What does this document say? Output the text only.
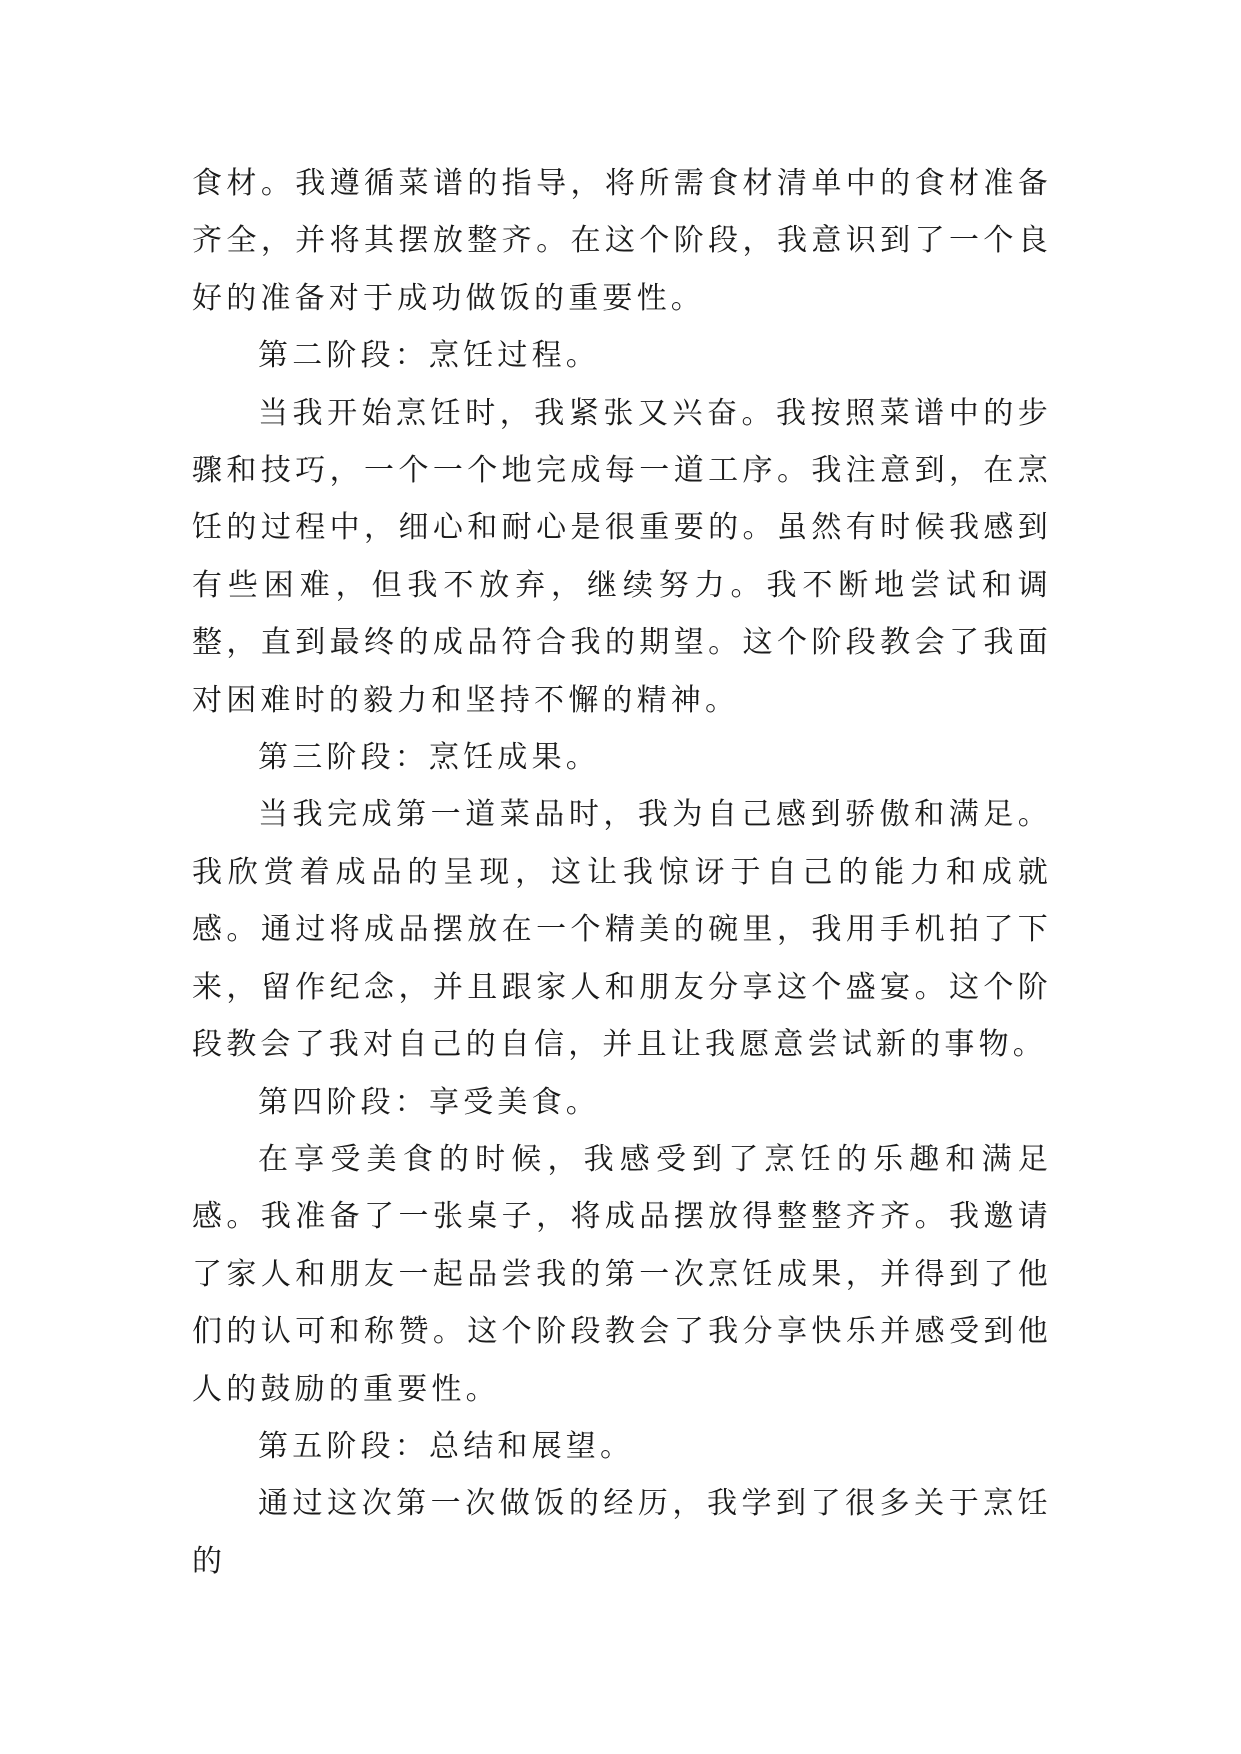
食材。我遵循菜谱的指导，将所需食材清单中的食材准备齐全，并将其摆放整齐。在这个阶段，我意识到了一个良好的准备对于成功做饭的重要性。

第二阶段：烹饪过程。

当我开始烹饪时，我紧张又兴奋。我按照菜谱中的步骤和技巧，一个一个地完成每一道工序。我注意到，在烹饪的过程中，细心和耐心是很重要的。虽然有时候我感到有些困难，但我不放弃，继续努力。我不断地尝试和调整，直到最终的成品符合我的期望。这个阶段教会了我面对困难时的毅力和坚持不懈的精神。

第三阶段：烹饪成果。

当我完成第一道菜品时，我为自己感到骄傲和满足。我欣赏着成品的呈现，这让我惊讶于自己的能力和成就感。通过将成品摆放在一个精美的碗里，我用手机拍了下来，留作纪念，并且跟家人和朋友分享这个盛宴。这个阶段教会了我对自己的自信，并且让我愿意尝试新的事物。

第四阶段：享受美食。

在享受美食的时候，我感受到了烹饪的乐趣和满足感。我准备了一张桌子，将成品摆放得整整齐齐。我邀请了家人和朋友一起品尝我的第一次烹饪成果，并得到了他们的认可和称赞。这个阶段教会了我分享快乐并感受到他人的鼓励的重要性。

第五阶段：总结和展望。

通过这次第一次做饭的经历，我学到了很多关于烹饪的
